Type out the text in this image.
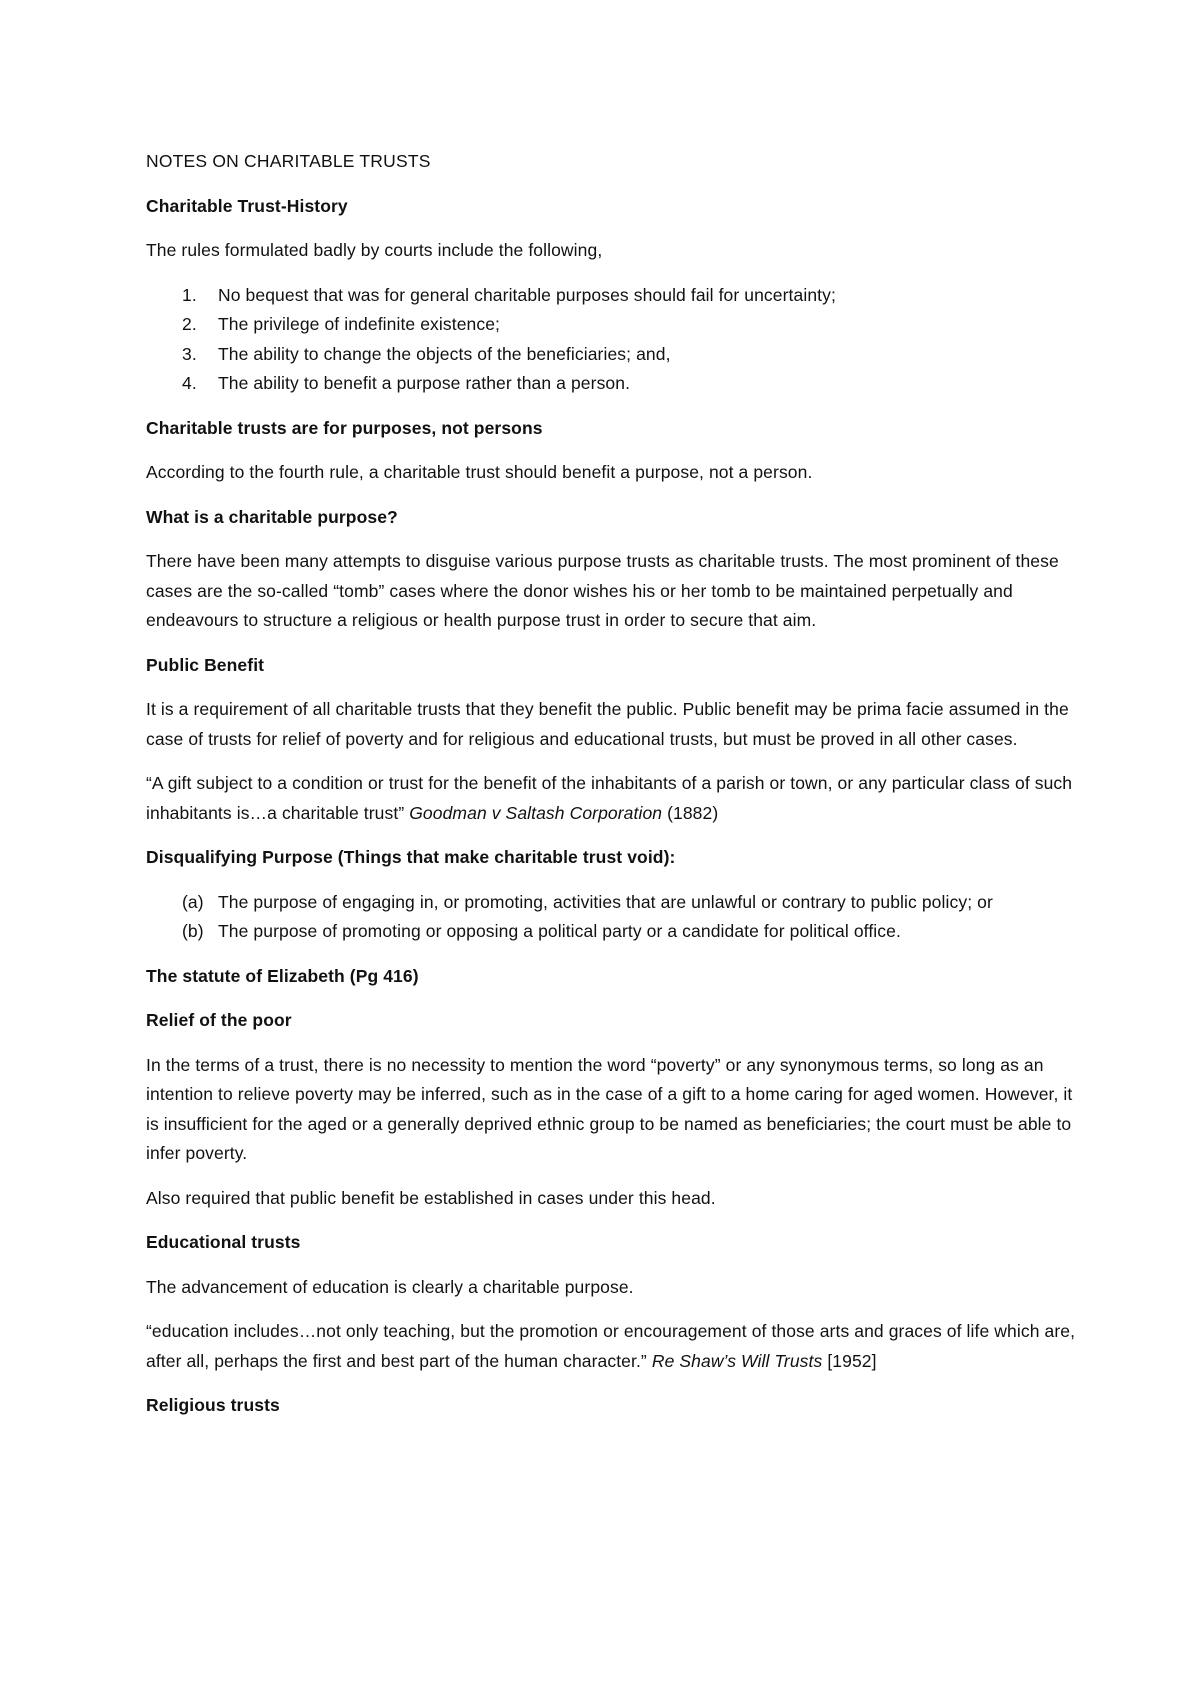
NOTES ON CHARITABLE TRUSTS

Charitable Trust-History

The rules formulated badly by courts include the following,

1.	No bequest that was for general charitable purposes should fail for uncertainty;
2.	The privilege of indefinite existence;
3.	The ability to change the objects of the beneficiaries; and,
4.	The ability to benefit a purpose rather than a person.

Charitable trusts are for purposes, not persons

According to the fourth rule, a charitable trust should benefit a purpose, not a person.

What is a charitable purpose?

There have been many attempts to disguise various purpose trusts as charitable trusts. The most prominent of these cases are the so-called “tomb” cases where the donor wishes his or her tomb to be maintained perpetually and endeavours to structure a religious or health purpose trust in order to secure that aim.

Public Benefit

It is a requirement of all charitable trusts that they benefit the public. Public benefit may be prima facie assumed in the case of trusts for relief of poverty and for religious and educational trusts, but must be proved in all other cases.

“A gift subject to a condition or trust for the benefit of the inhabitants of a parish or town, or any particular class of such inhabitants is…a charitable trust” Goodman v Saltash Corporation (1882)

Disqualifying Purpose (Things that make charitable trust void):

(a) The purpose of engaging in, or promoting, activities that are unlawful or contrary to public policy; or
(b) The purpose of promoting or opposing a political party or a candidate for political office.

The statute of Elizabeth (Pg 416)

Relief of the poor

In the terms of a trust, there is no necessity to mention the word “poverty” or any synonymous terms, so long as an intention to relieve poverty may be inferred, such as in the case of a gift to a home caring for aged women. However, it is insufficient for the aged or a generally deprived ethnic group to be named as beneficiaries; the court must be able to infer poverty.

Also required that public benefit be established in cases under this head.

Educational trusts

The advancement of education is clearly a charitable purpose.

“education includes…not only teaching, but the promotion or encouragement of those arts and graces of life which are, after all, perhaps the first and best part of the human character.” Re Shaw’s Will Trusts [1952]

Religious trusts
